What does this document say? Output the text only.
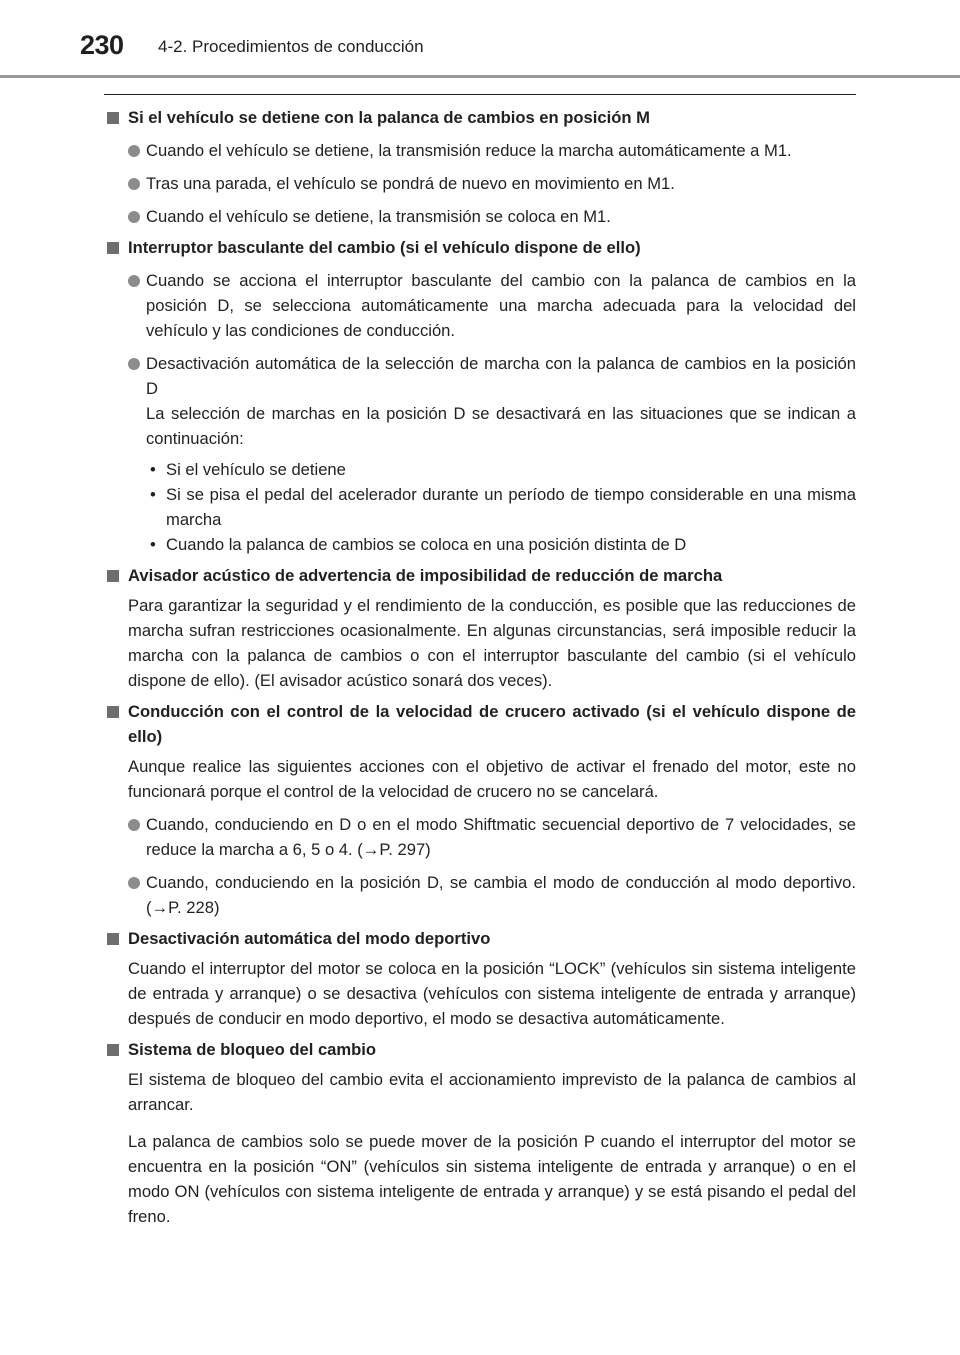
230 4-2. Procedimientos de conducción
Si el vehículo se detiene con la palanca de cambios en posición M
Cuando el vehículo se detiene, la transmisión reduce la marcha automáticamente a M1.
Tras una parada, el vehículo se pondrá de nuevo en movimiento en M1.
Cuando el vehículo se detiene, la transmisión se coloca en M1.
Interruptor basculante del cambio (si el vehículo dispone de ello)
Cuando se acciona el interruptor basculante del cambio con la palanca de cambios en la posición D, se selecciona automáticamente una marcha adecuada para la velocidad del vehículo y las condiciones de conducción.
Desactivación automática de la selección de marcha con la palanca de cambios en la posición D
La selección de marchas en la posición D se desactivará en las situaciones que se indican a continuación:
• Si el vehículo se detiene
• Si se pisa el pedal del acelerador durante un período de tiempo considerable en una misma marcha
• Cuando la palanca de cambios se coloca en una posición distinta de D
Avisador acústico de advertencia de imposibilidad de reducción de marcha
Para garantizar la seguridad y el rendimiento de la conducción, es posible que las reducciones de marcha sufran restricciones ocasionalmente. En algunas circunstancias, será imposible reducir la marcha con la palanca de cambios o con el interruptor basculante del cambio (si el vehículo dispone de ello). (El avisador acústico sonará dos veces).
Conducción con el control de la velocidad de crucero activado (si el vehículo dispone de ello)
Aunque realice las siguientes acciones con el objetivo de activar el frenado del motor, este no funcionará porque el control de la velocidad de crucero no se cancelará.
Cuando, conduciendo en D o en el modo Shiftmatic secuencial deportivo de 7 velocidades, se reduce la marcha a 6, 5 o 4. (→P. 297)
Cuando, conduciendo en la posición D, se cambia el modo de conducción al modo deportivo. (→P. 228)
Desactivación automática del modo deportivo
Cuando el interruptor del motor se coloca en la posición “LOCK” (vehículos sin sistema inteligente de entrada y arranque) o se desactiva (vehículos con sistema inteligente de entrada y arranque) después de conducir en modo deportivo, el modo se desactiva automáticamente.
Sistema de bloqueo del cambio
El sistema de bloqueo del cambio evita el accionamiento imprevisto de la palanca de cambios al arrancar.
La palanca de cambios solo se puede mover de la posición P cuando el interruptor del motor se encuentra en la posición “ON” (vehículos sin sistema inteligente de entrada y arranque) o en el modo ON (vehículos con sistema inteligente de entrada y arranque) y se está pisando el pedal del freno.
